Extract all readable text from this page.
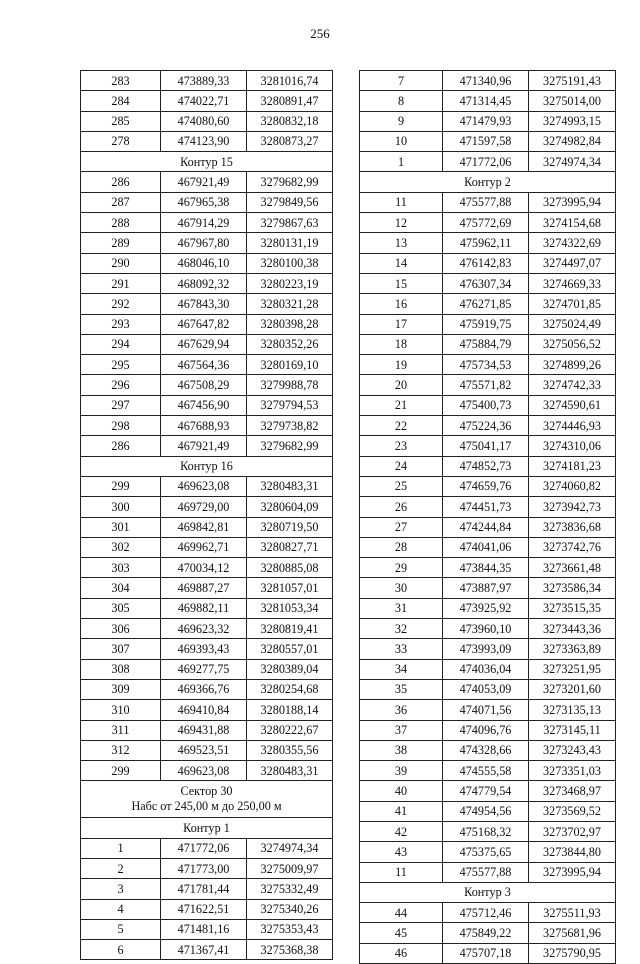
256
283	473889,33	3281016,74
284	474022,71	3280891,47
285	474080,60	3280832,18
278	474123,90	3280873,27
Контур 15		
286	467921,49	3279682,99
287	467965,38	3279849,56
288	467914,29	3279867,63
289	467967,80	3280131,19
290	468046,10	3280100,38
291	468092,32	3280223,19
292	467843,30	3280321,28
293	467647,82	3280398,28
294	467629,94	3280352,26
295	467564,36	3280169,10
296	467508,29	3279988,78
297	467456,90	3279794,53
298	467688,93	3279738,82
286	467921,49	3279682,99
Контур 16		
299	469623,08	3280483,31
300	469729,00	3280604,09
301	469842,81	3280719,50
302	469962,71	3280827,71
303	470034,12	3280885,08
304	469887,27	3281057,01
305	469882,11	3281053,34
306	469623,32	3280819,41
307	469393,43	3280557,01
308	469277,75	3280389,04
309	469366,76	3280254,68
310	469410,84	3280188,14
311	469431,88	3280222,67
312	469523,51	3280355,56
299	469623,08	3280483,31

Сектор 30
Набс от 245,00 м до 250,00 м		

Контур 1		
1	471772,06	3274974,34
2	471773,00	3275009,97
3	471781,44	3275332,49
4	471622,51	3275340,26
5	471481,16	3275353,43
6	471367,41	3275368,38
7	471340,96	3275191,43
8	471314,45	3275014,00
9	471479,93	3274993,15
10	471597,58	3274982,84
1	471772,06	3274974,34
Контур 2		
11	475577,88	3273995,94
12	475772,69	3274154,68
13	475962,11	3274322,69
14	476142,83	3274497,07
15	476307,34	3274669,33
16	476271,85	3274701,85
17	475919,75	3275024,49
18	475884,79	3275056,52
19	475734,53	3274899,26
20	475571,82	3274742,33
21	475400,73	3274590,61
22	475224,36	3274446,93
23	475041,17	3274310,06
24	474852,73	3274181,23
25	474659,76	3274060,82
26	474451,73	3273942,73
27	474244,84	3273836,68
28	474041,06	3273742,76
29	473844,35	3273661,48
30	473887,97	3273586,34
31	473925,92	3273515,35
32	473960,10	3273443,36
33	473993,09	3273363,89
34	474036,04	3273251,95
35	474053,09	3273201,60
36	474071,56	3273135,13
37	474096,76	3273145,11
38	474328,66	3273243,43
39	474555,58	3273351,03
40	474779,54	3273468,97
41	474954,56	3273569,52
42	475168,32	3273702,97
43	475375,65	3273844,80
11	475577,88	3273995,94
Контур 3		
44	475712,46	3275511,93
45	475849,22	3275681,96
46	475707,18	3275790,95
